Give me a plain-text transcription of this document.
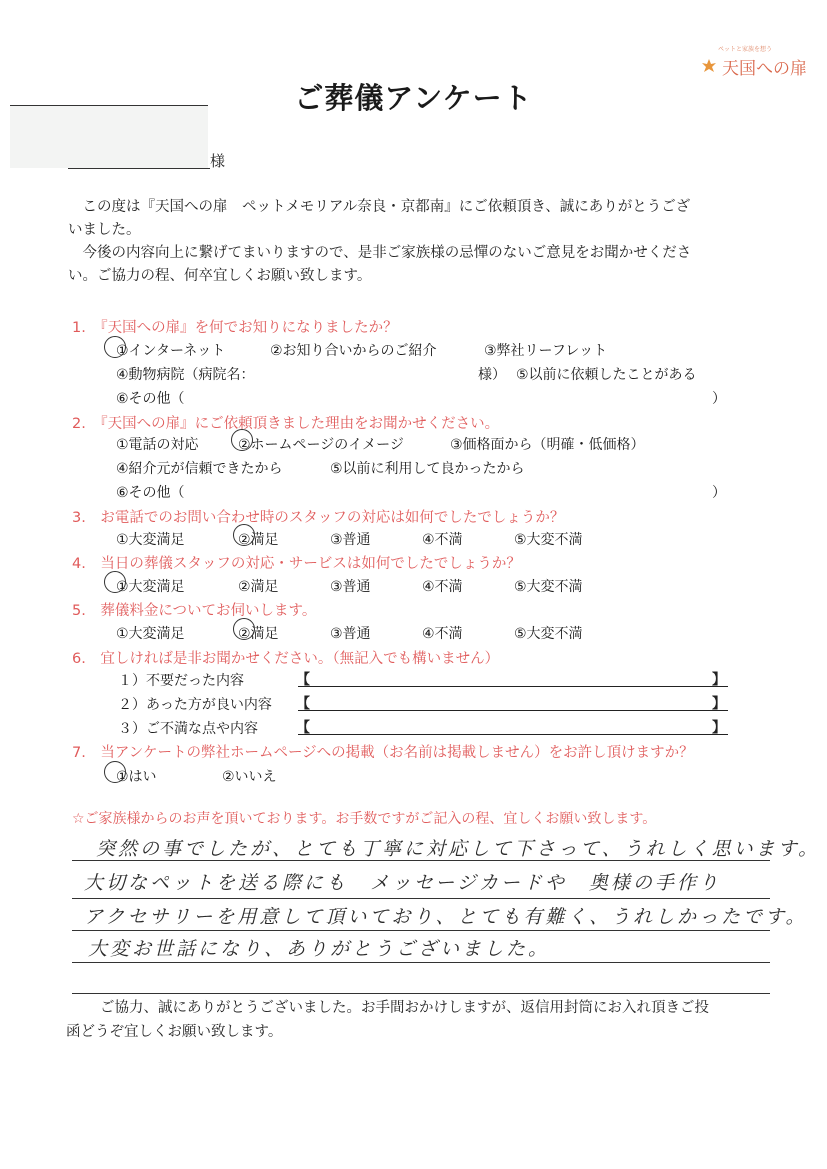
ペットと家族を想う
天国への扉
ご葬儀アンケート
様

　この度は『天国への扉　ペットメモリアル奈良・京都南』にご依頼頂き、誠にありがとうござ

いました。

　今後の内容向上に繋げてまいりますので、是非ご家族様の忌憚のないご意見をお聞かせくださ

い。ご協力の程、何卒宜しくお願い致します。

1.　『天国への扉』を何でお知りになりましたか？
①インターネット	②お知り合いからのご紹介	③弊社リーフレット
④動物病院（病院名：	様） ⑤以前に依頼したことがある
⑥その他（	）
2.　『天国への扉』にご依頼頂きました理由をお聞かせください。
①電話の対応	②ホームページのイメージ	③価格面から（明確・低価格）
④紹介元が信頼できたから	⑤以前に利用して良かったから
⑥その他（	）
3.　お電話でのお問い合わせ時のスタッフの対応は如何でしたでしょうか？
①大変満足	②満足	③普通	④不満	⑤大変不満
4.　当日の葬儀スタッフの対応・サービスは如何でしたでしょうか？
①大変満足	②満足	③普通	④不満	⑤大変不満
5.　葬儀料金についてお伺いします。
①大変満足	②満足	③普通	④不満	⑤大変不満
6.　宜しければ是非お聞かせください。（無記入でも構いません）
１）不要だった内容	【	】
２）あった方が良い内容 【	】
３）ご不満な点や内容	【	】
7.　当アンケートの弊社ホームページへの掲載（お名前は掲載しません）をお許し頂けますか？
①はい	②いいえ
☆ご家族様からのお声を頂いております。お手数ですがご記入の程、宜しくお願い致します。
突然の事でしたが、とても丁寧に対応して下さって、うれしく思います。
大切なペットを送る際にも　メッセージカードや　奥様の手作り
アクセサリーを用意して頂いており、とても有難く、うれしかったです。
大変お世話になり、ありがとうございました。

ご協力、誠にありがとうございました。お手間おかけしますが、返信用封筒にお入れ頂きご投

函どうぞ宜しくお願い致します。
